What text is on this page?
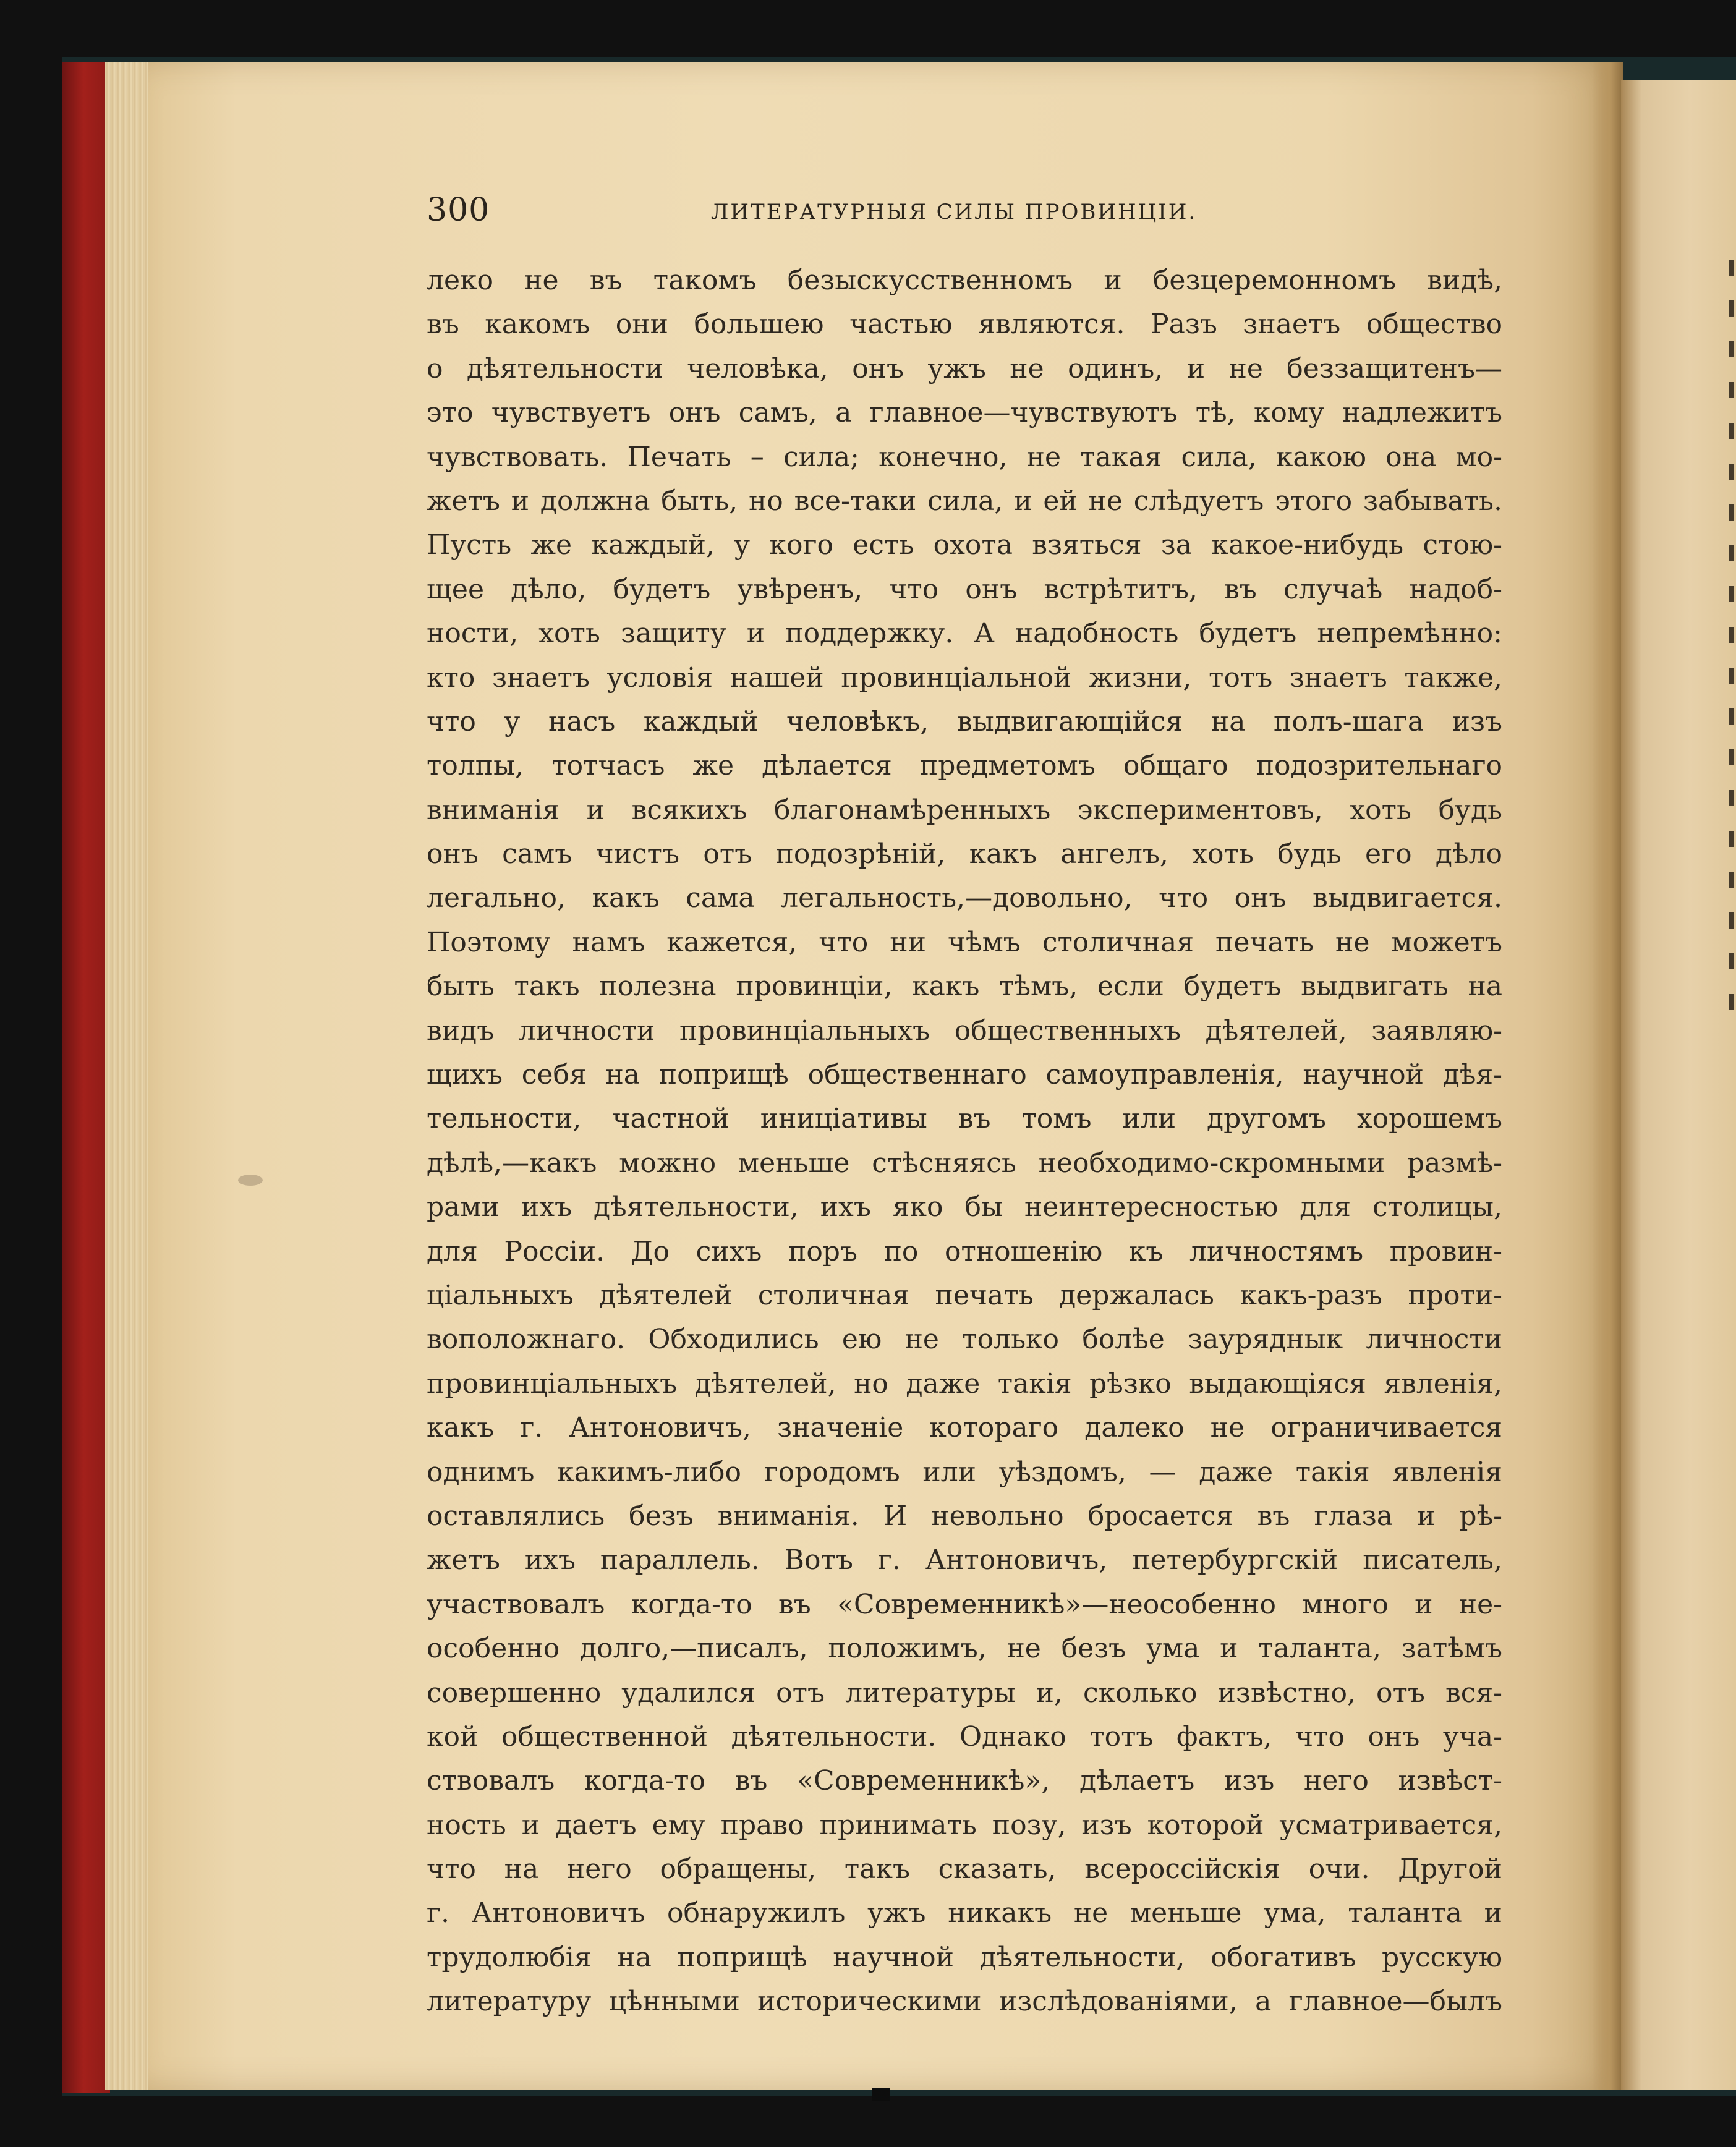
300	ЛИТЕРАТУРНЫЯ СИЛЫ ПРОВИНЦІИ.
леко не въ такомъ безыскусственномъ и безцеремонномъ видѣ,
въ какомъ они большею частью являются. Разъ знаетъ общество
о дѣятельности человѣка, онъ ужъ не одинъ, и не беззащитенъ—
это чувствуетъ онъ самъ, а главное—чувствуютъ тѣ, кому надлежитъ
чувствовать. Печать – сила; конечно, не такая сила, какою она мо-
жетъ и должна быть, но все-таки сила, и ей не слѣдуетъ этого забывать.
Пусть же каждый, у кого есть охота взяться за какое-нибудь стою-
щее дѣло, будетъ увѣренъ, что онъ встрѣтитъ, въ случаѣ надоб-
ности, хоть защиту и поддержку. А надобность будетъ непремѣнно:
кто знаетъ условія нашей провинціальной жизни, тотъ знаетъ также,
что у насъ каждый человѣкъ, выдвигающійся на полъ-шага изъ
толпы, тотчасъ же дѣлается предметомъ общаго подозрительнаго
вниманія и всякихъ благонамѣренныхъ экспериментовъ, хоть будь
онъ самъ чистъ отъ подозрѣній, какъ ангелъ, хоть будь его дѣло
легально, какъ сама легальность,—довольно, что онъ выдвигается.
Поэтому намъ кажется, что ни чѣмъ столичная печать не можетъ
быть такъ полезна провинціи, какъ тѣмъ, если будетъ выдвигать на
видъ личности провинціальныхъ общественныхъ дѣятелей, заявляю-
щихъ себя на поприщѣ общественнаго самоуправленія, научной дѣя-
тельности, частной иниціативы въ томъ или другомъ хорошемъ
дѣлѣ,—какъ можно меньше стѣсняясь необходимо-скромными размѣ-
рами ихъ дѣятельности, ихъ яко бы неинтересностью для столицы,
для Россіи. До сихъ поръ по отношенію къ личностямъ провин-
ціальныхъ дѣятелей столичная печать держалась какъ-разъ проти-
воположнаго. Обходились ею не только болѣе зауряднык личности
провинціальныхъ дѣятелей, но даже такія рѣзко выдающіяся явленія,
какъ г. Антоновичъ, значеніе котораго далеко не ограничивается
однимъ какимъ-либо городомъ или уѣздомъ, — даже такія явленія
оставлялись безъ вниманія. И невольно бросается въ глаза и рѣ-
жетъ ихъ параллель. Вотъ г. Антоновичъ, петербургскій писатель,
участвовалъ когда-то въ «Современникѣ»—неособенно много и не-
особенно долго,—писалъ, положимъ, не безъ ума и таланта, затѣмъ
совершенно удалился отъ литературы и, сколько извѣстно, отъ вся-
кой общественной дѣятельности. Однако тотъ фактъ, что онъ уча-
ствовалъ когда-то въ «Современникѣ», дѣлаетъ изъ него извѣст-
ность и даетъ ему право принимать позу, изъ которой усматривается,
что на него обращены, такъ сказать, всероссійскія очи. Другой
г. Антоновичъ обнаружилъ ужъ никакъ не меньше ума, таланта и
трудолюбія на поприщѣ научной дѣятельности, обогативъ русскую
литературу цѣнными историческими изслѣдованіями, а главное—былъ
